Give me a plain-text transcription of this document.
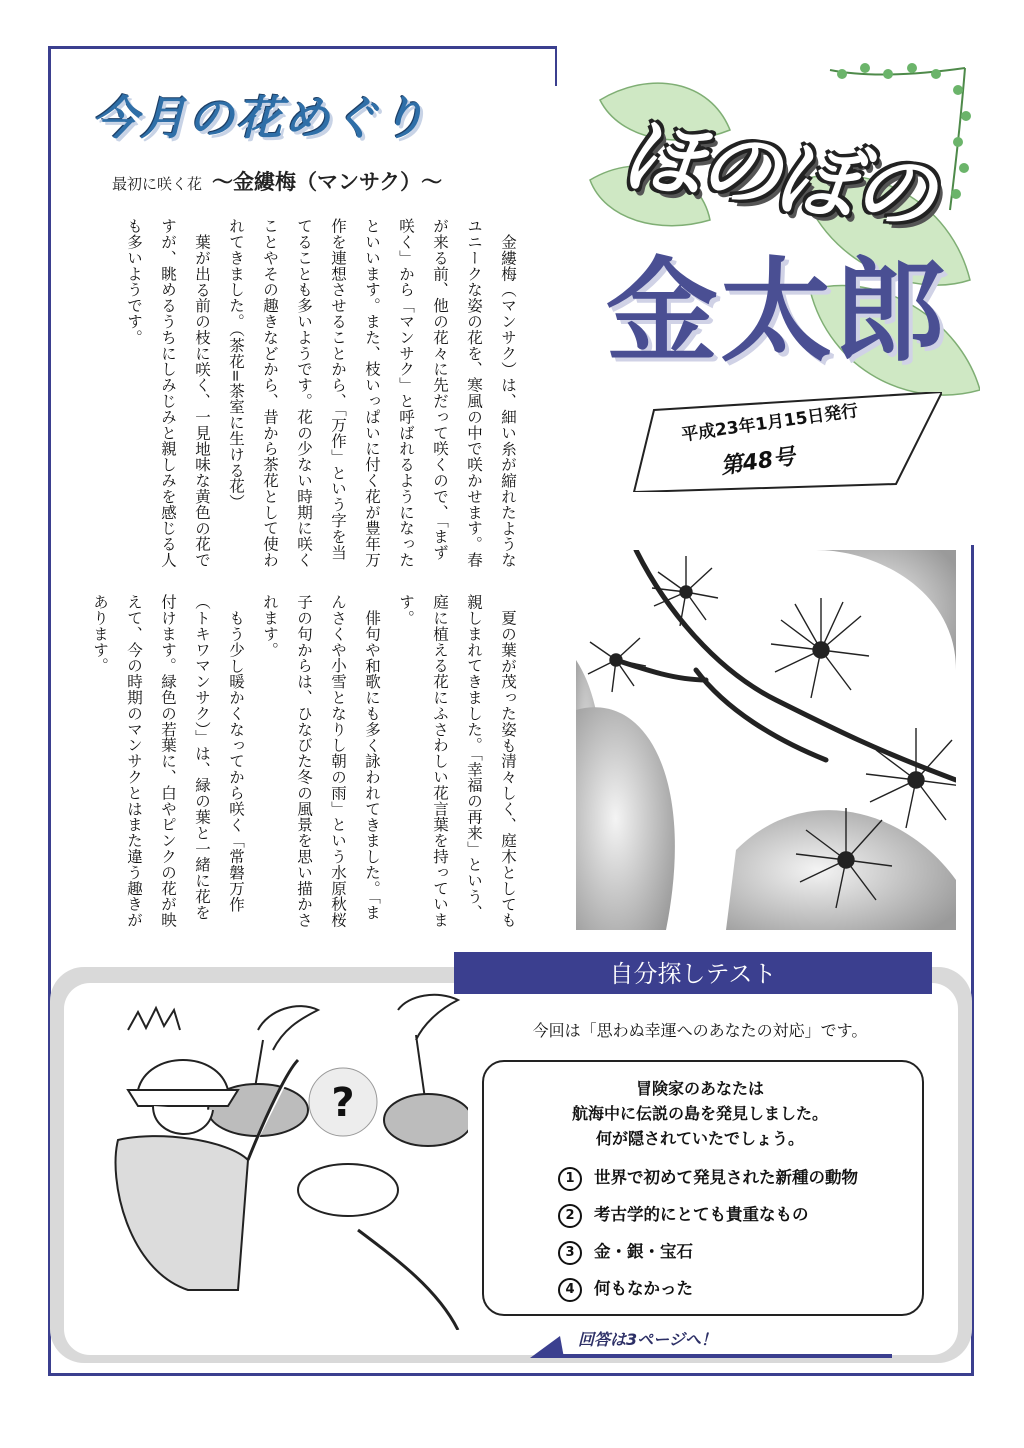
今月の花めぐり
最初に咲く花 ～金縷梅（マンサク）～

金縷梅（マンサク）は、細い糸が縮れたようなユニークな姿の花を、寒風の中で咲かせます。春が来る前、他の花々に先だって咲くので、「まず咲く」から「マンサク」と呼ばれるようになったといいます。また、枝いっぱいに付く花が豊年万作を連想させることから、「万作」という字を当てることも多いようです。花の少ない時期に咲くことやその趣きなどから、昔から茶花として使われてきました。（茶花=茶室に生ける花）

葉が出る前の枝に咲く、一見地味な黄色の花ですが、眺めるうちにしみじみと親しみを感じる人も多いようです。

夏の葉が茂った姿も清々しく、庭木としても親しまれてきました。「幸福の再来」という、庭に植える花にふさわしい花言葉を持っています。

俳句や和歌にも多く詠われてきました。「まんさくや小雪となりし朝の雨」という水原秋桜子の句からは、ひなびた冬の風景を思い描かされます。

もう少し暖かくなってから咲く「常磐万作（トキワマンサク）」は、緑の葉と一緒に花を付けます。緑色の若葉に、白やピンクの花が映えて、今の時期のマンサクとはまた違う趣きがあります。

ほのぼの
金太郎
平成23年1月15日発行
第48号
自分探しテスト
今回は「思わぬ幸運へのあなたの対応」です。
冒険家のあなたは
航海中に伝説の島を発見しました。
何が隠されていたでしょう。
1 世界で初めて発見された新種の動物
2 考古学的にとても貴重なもの
3 金・銀・宝石
4 何もなかった
回答は3ページへ！
?
